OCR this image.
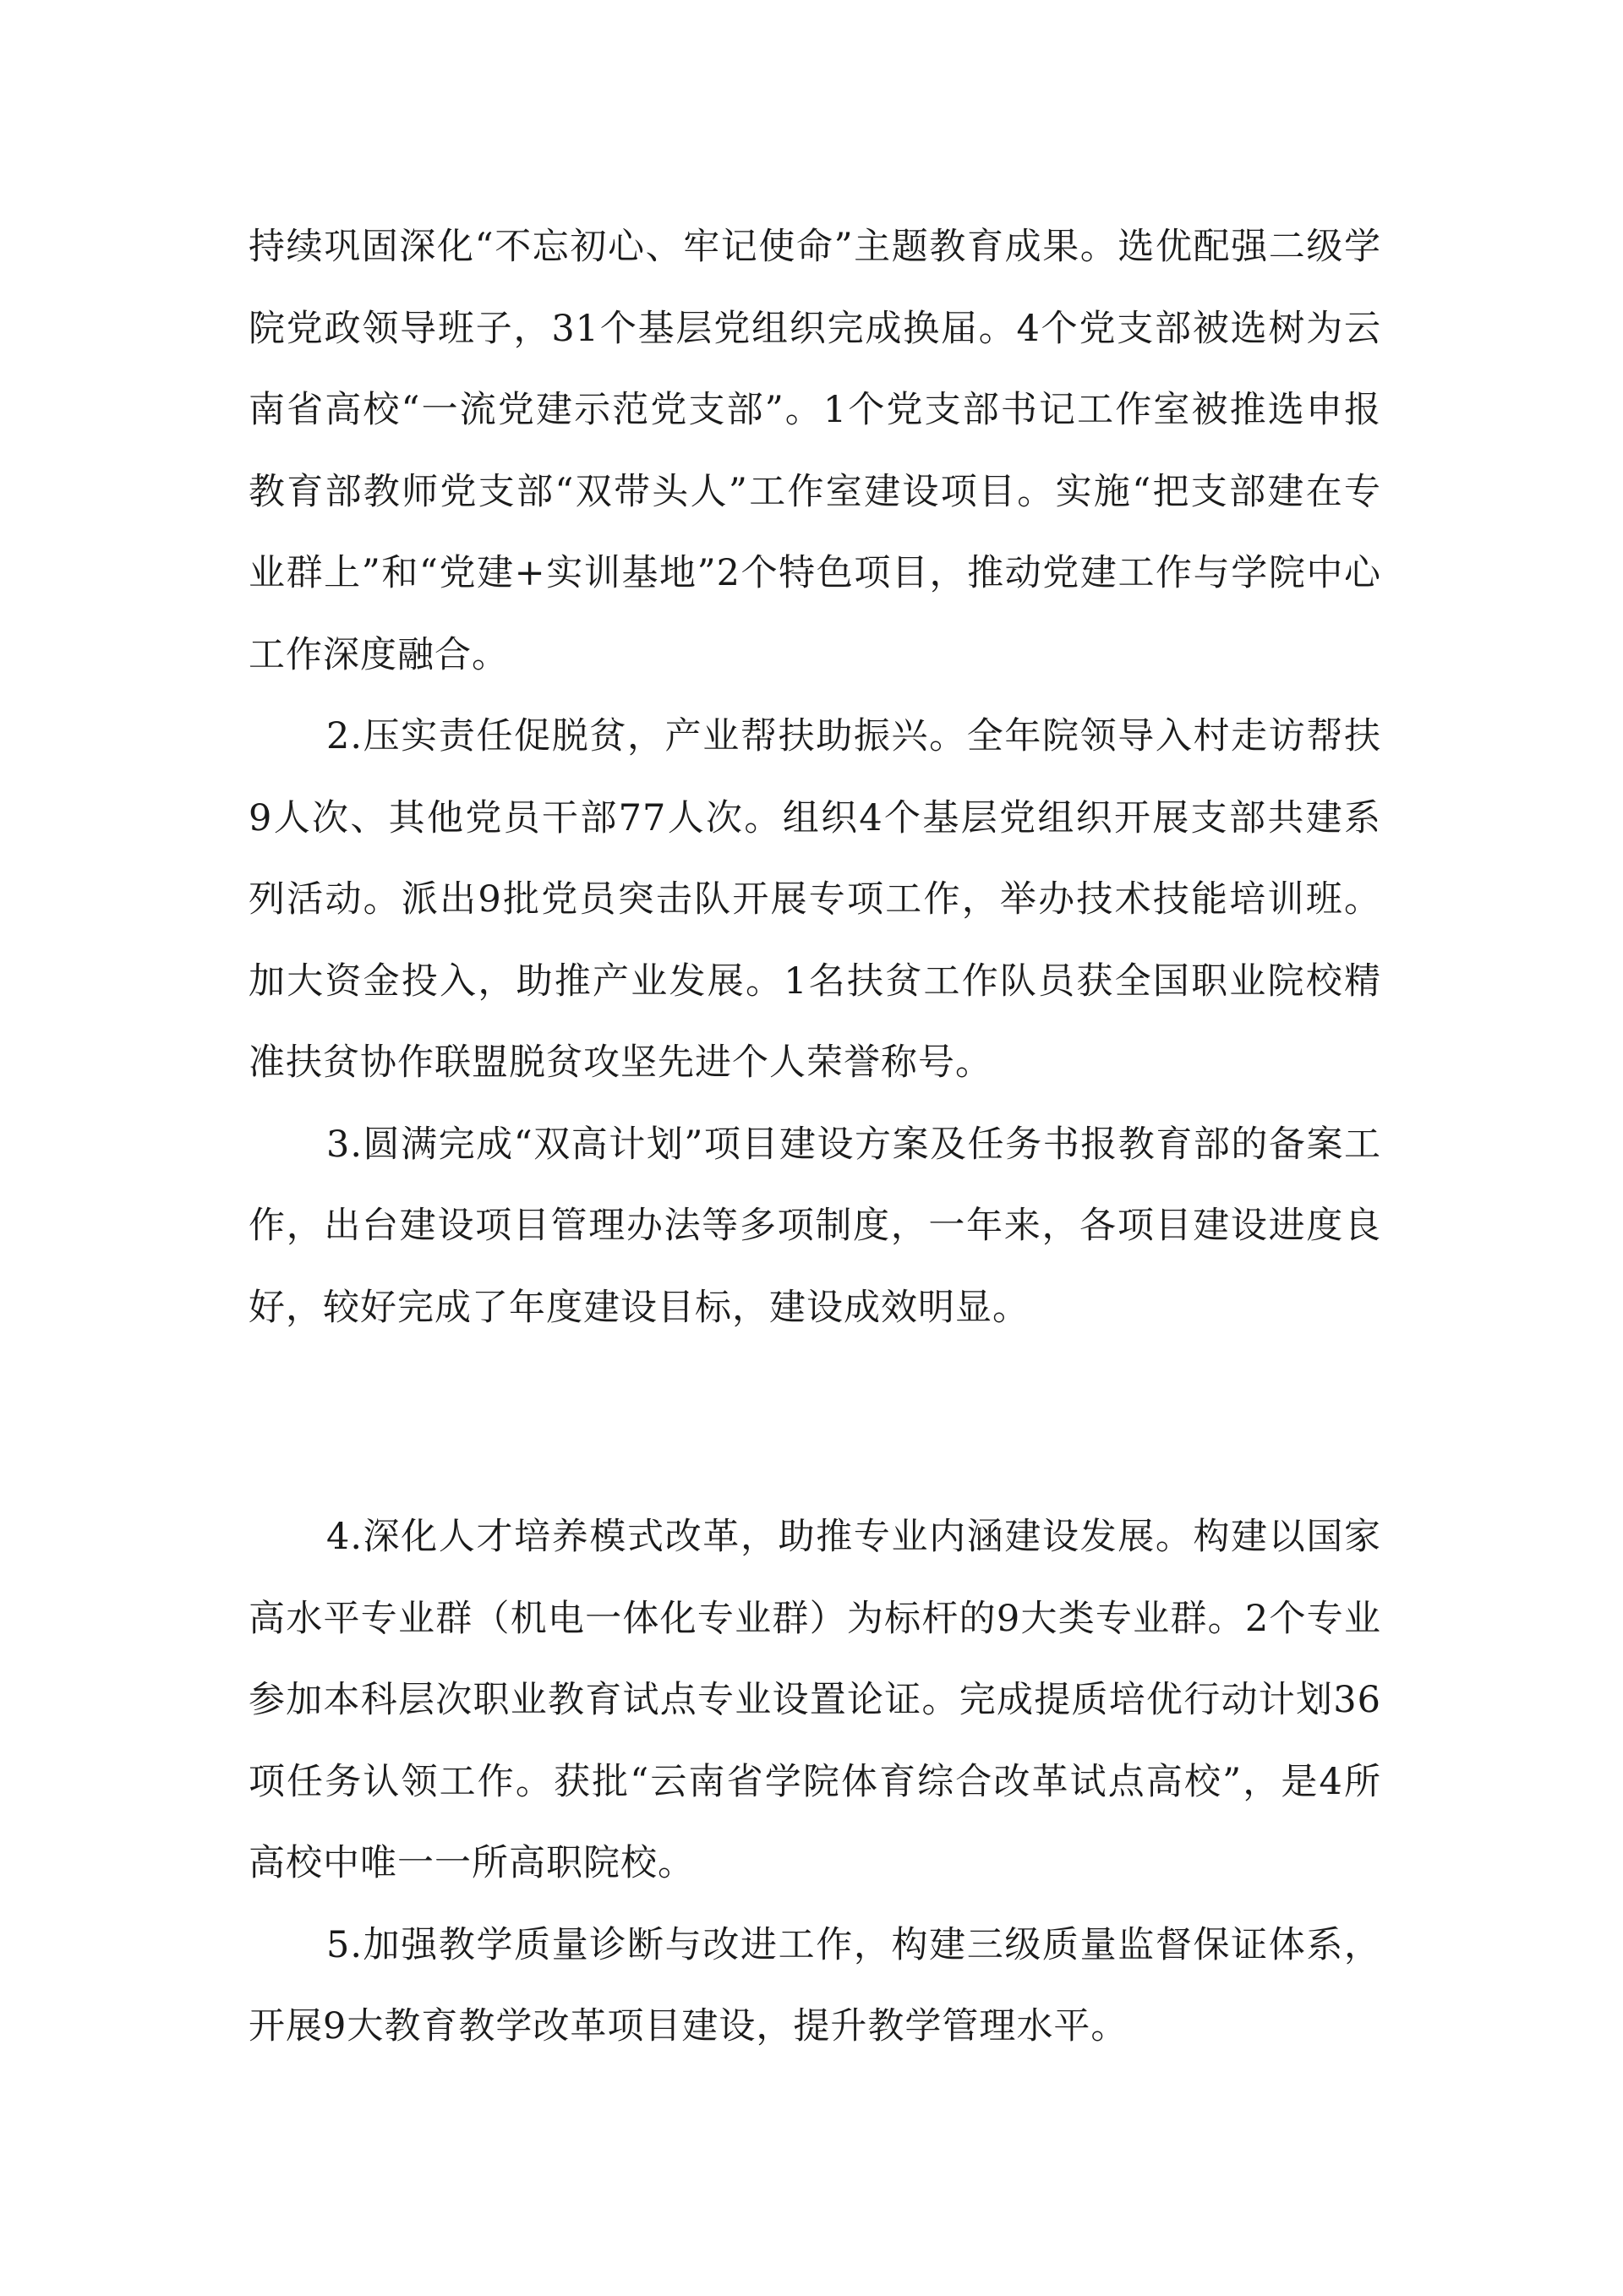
持续巩固深化“不忘初心、牢记使命”主题教育成果。选优配强二级学院党政领导班子，31个基层党组织完成换届。4个党支部被选树为云南省高校“一流党建示范党支部”。1个党支部书记工作室被推选申报教育部教师党支部“双带头人”工作室建设项目。实施“把支部建在专业群上”和“党建+实训基地”2个特色项目，推动党建工作与学院中心工作深度融合。

2.压实责任促脱贫，产业帮扶助振兴。全年院领导入村走访帮扶9人次、其他党员干部77人次。组织4个基层党组织开展支部共建系列活动。派出9批党员突击队开展专项工作，举办技术技能培训班。加大资金投入，助推产业发展。1名扶贫工作队员获全国职业院校精准扶贫协作联盟脱贫攻坚先进个人荣誉称号。

3.圆满完成“双高计划”项目建设方案及任务书报教育部的备案工作，出台建设项目管理办法等多项制度，一年来，各项目建设进度良好，较好完成了年度建设目标，建设成效明显。

4.深化人才培养模式改革，助推专业内涵建设发展。构建以国家高水平专业群（机电一体化专业群）为标杆的9大类专业群。2个专业参加本科层次职业教育试点专业设置论证。完成提质培优行动计划36项任务认领工作。获批“云南省学院体育综合改革试点高校”，是4所高校中唯一一所高职院校。

5.加强教学质量诊断与改进工作，构建三级质量监督保证体系，开展9大教育教学改革项目建设，提升教学管理水平。
